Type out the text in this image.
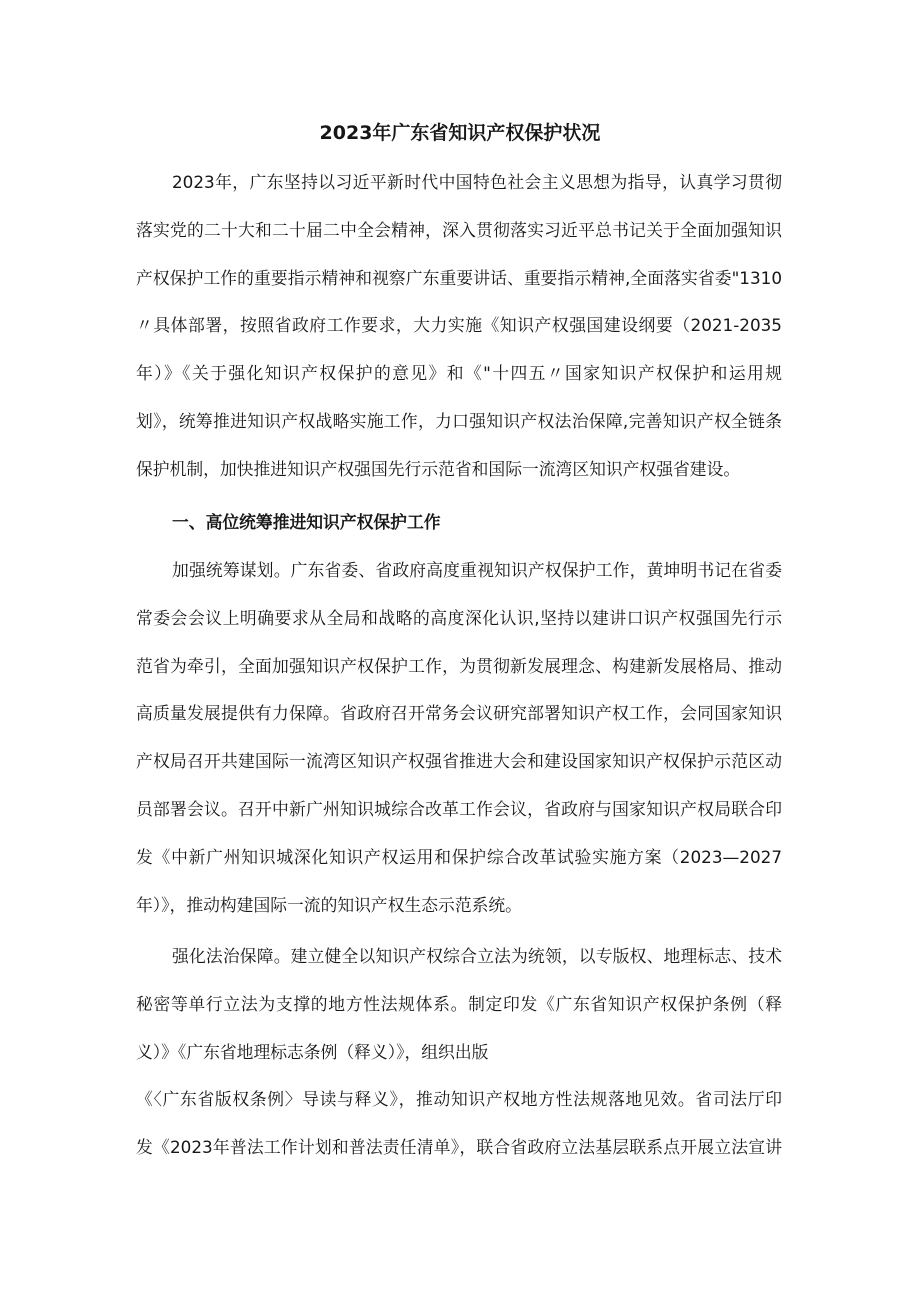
2023年广东省知识产权保护状况
2023年，广东坚持以习近平新时代中国特色社会主义思想为指导，认真学习贯彻
落实党的二十大和二十届二中全会精神，深入贯彻落实习近平总书记关于全面加强知识
产权保护工作的重要指示精神和视察广东重要讲话、重要指示精神,全面落实省委"1310
〃具体部署，按照省政府工作要求，大力实施《知识产权强国建设纲要（2021-2035
年）》《关于强化知识产权保护的意见》和《"十四五〃国家知识产权保护和运用规
划》，统筹推进知识产权战略实施工作，力口强知识产权法治保障,完善知识产权全链条
保护机制，加快推进知识产权强国先行示范省和国际一流湾区知识产权强省建设。
一、高位统筹推进知识产权保护工作
加强统筹谋划。广东省委、省政府高度重视知识产权保护工作，黄坤明书记在省委
常委会会议上明确要求从全局和战略的高度深化认识,坚持以建讲口识产权强国先行示
范省为牵引，全面加强知识产权保护工作，为贯彻新发展理念、构建新发展格局、推动
高质量发展提供有力保障。省政府召开常务会议研究部署知识产权工作，会同国家知识
产权局召开共建国际一流湾区知识产权强省推进大会和建设国家知识产权保护示范区动
员部署会议。召开中新广州知识城综合改革工作会议，省政府与国家知识产权局联合印
发《中新广州知识城深化知识产权运用和保护综合改革试验实施方案（2023—2027
年）》，推动构建国际一流的知识产权生态示范系统。
强化法治保障。建立健全以知识产权综合立法为统领，以专版权、地理标志、技术
秘密等单行立法为支撑的地方性法规体系。制定印发《广东省知识产权保护条例（释
义）》《广东省地理标志条例（释义）》，组织出版
《〈广东省版权条例〉导读与释义》，推动知识产权地方性法规落地见效。省司法厅印
发《2023年普法工作计划和普法责任清单》，联合省政府立法基层联系点开展立法宣讲
